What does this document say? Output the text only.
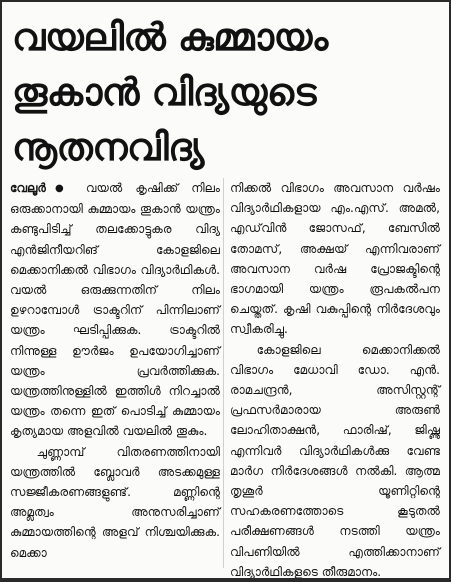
വയലിൽ കുമ്മായം
തൂകാൻ വിദ്യയുടെ
നൂതനവിദ്യ

വേലൂർ● വയൽ കൃഷിക്ക് നിലം ഒരുക്കാനായി കുമ്മായം തൂകാൻ യന്ത്രം കണ്ടുപിടിച്ച് തലക്കോട്ടുകര വിദ്യ എൻജിനീയറിങ് കോളജിലെ മെക്കാനിക്കൽ വിഭാഗം വിദ്യാർഥികൾ. വയൽ ഒരുക്കുന്നതിന് നിലം ഉഴറാമ്പോൾ ട്രാക്ടറിന് പിന്നിലാണ് യന്ത്രം ഘടിപ്പിക്കുക. ട്രാക്ടറിൽ നിന്നുള്ള ഊർജം ഉപയോഗിച്ചാണ് യന്ത്രം പ്രവർത്തിക്കുക. യന്ത്രത്തിനുള്ളിൽ ഇത്തിൾ നിറച്ചാൽ യന്ത്രം തന്നെ ഇത് പൊടിച്ച് കുമ്മായം കൃത്യമായ അളവിൽ വയലിൽ തൂകും.

ചുണ്ണാമ്പ് വിതരണത്തിനായി യന്ത്രത്തിൽ ബ്ലോവർ അടക്കമുള്ള സജ്ജീകരണങ്ങളുണ്ട്. മണ്ണിന്റെ അമ്ലത്വം അനുസരിച്ചാണ് കുമ്മായത്തിന്റെ അളവ് നിശ്ചയിക്കുക. മെക്കാ

നിക്കൽ വിഭാഗം അവസാന വർഷം വിദ്യാർഥികളായ എം.എസ്. അമൽ, എഡ്‌വിൻ ജോസഫ്, ബേസിൽ തോമസ്, അക്ഷയ് എന്നിവരാണ് അവസാന വർഷ പ്രോജക്ടിന്റെ ഭാഗമായി യന്ത്രം രൂപകൽപന ചെയ്തത്. കൃഷി വകുപ്പിന്റെ നിർദേശവും സ്വീകരിച്ചു.

കോളജിലെ മെക്കാനിക്കൽ വിഭാഗം മേധാവി ഡോ. എൻ. രാമചന്ദ്രൻ, അസിസ്റ്റന്റ് പ്രഫസർമാരായ അരുൺ ലോഹിതാക്ഷൻ, ഫാരിഷ്, ജിഷ്ണു എന്നിവർ വിദ്യാർഥികൾക്കു വേണ്ട മാർഗ നിർദേശങ്ങൾ നൽകി. ആത്മ തൃശൂർ യൂണിറ്റിന്റെ സഹകരണത്തോടെ കൂടുതൽ പരീക്ഷണങ്ങൾ നടത്തി യന്ത്രം വിപണിയിൽ എത്തിക്കാനാണ് വിദ്യാർഥികളുടെ തീരുമാനം.
